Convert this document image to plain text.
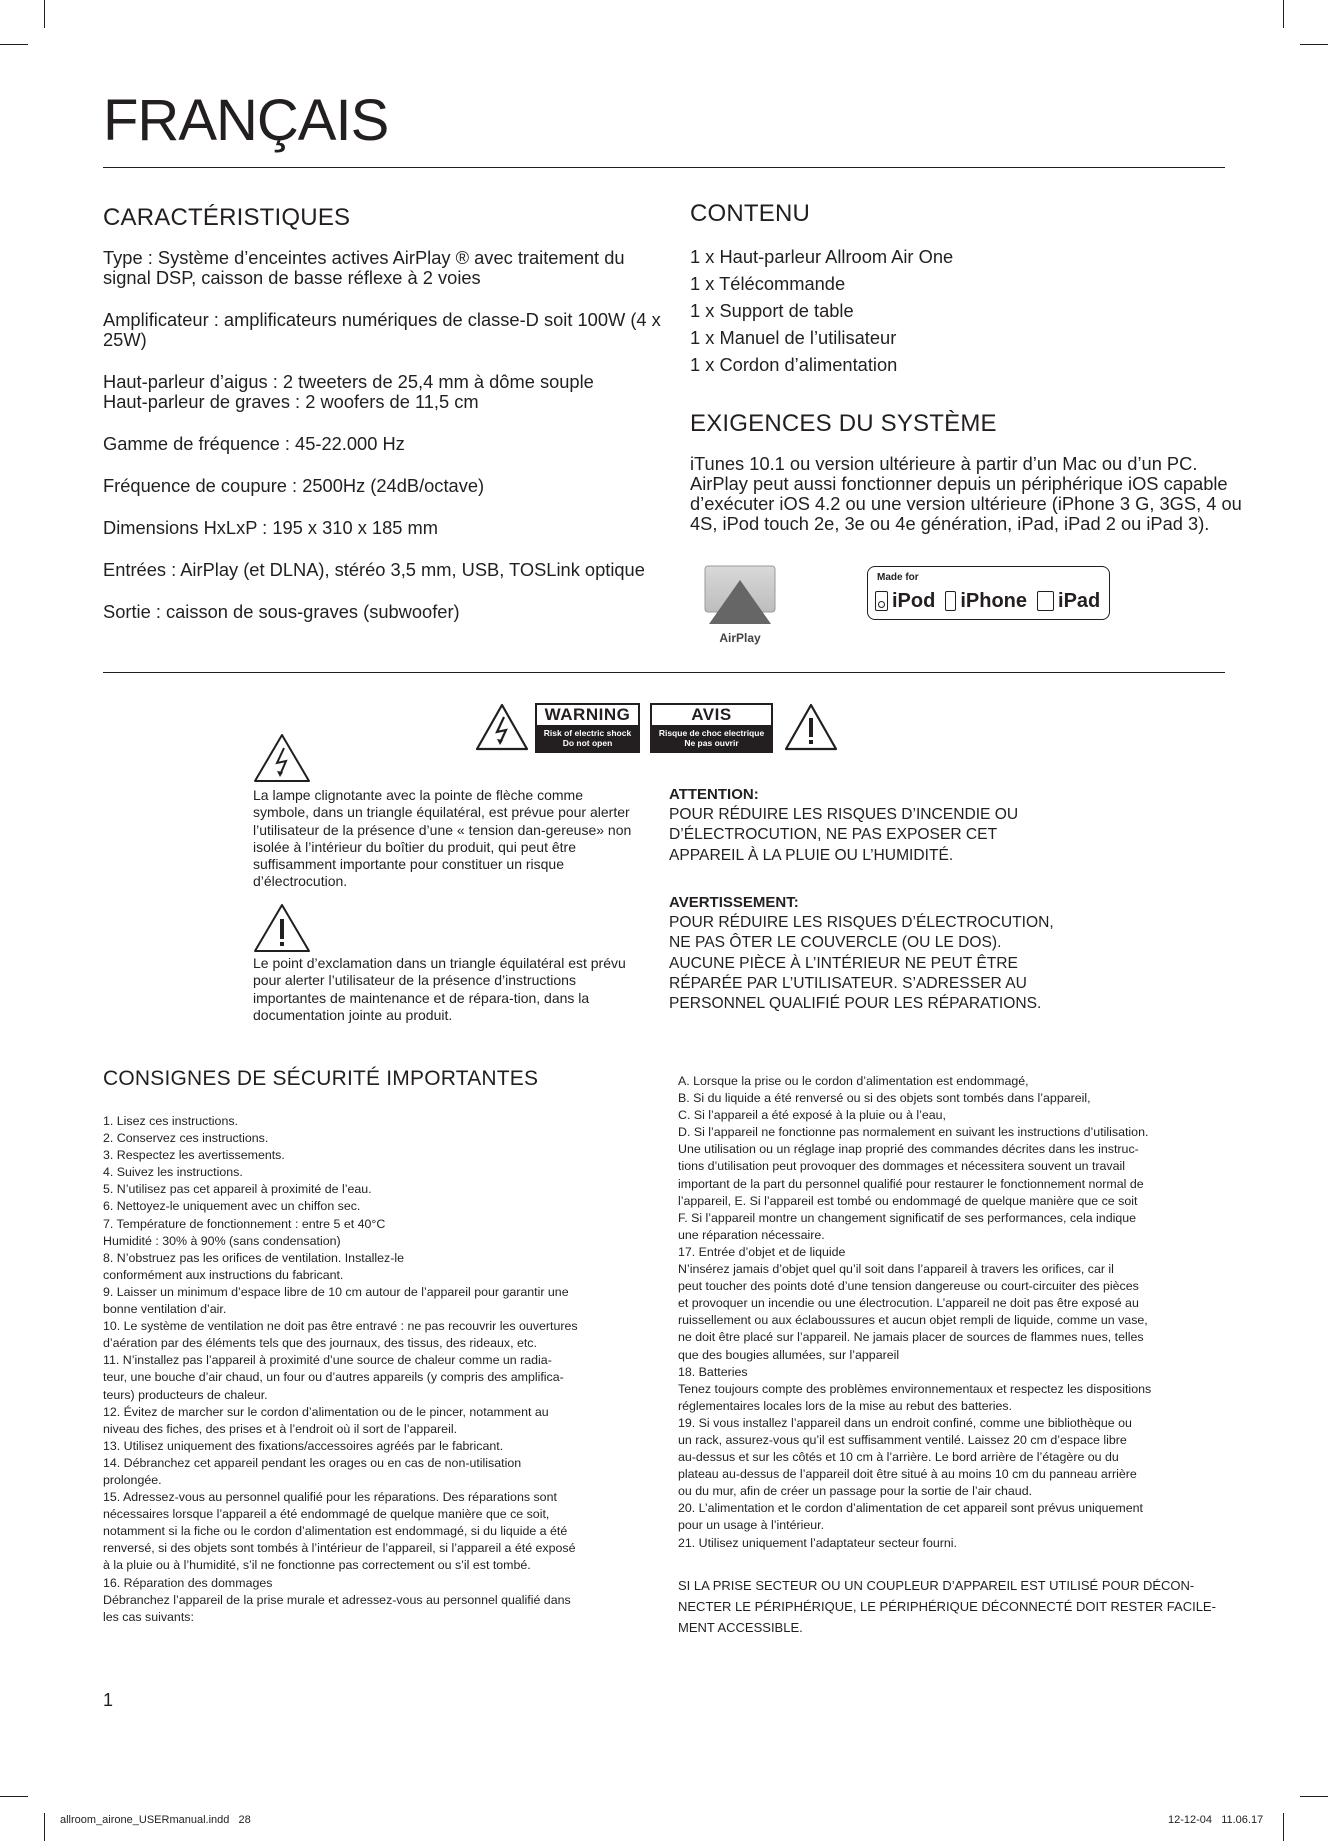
FRANÇAIS
CARACTÉRISTIQUES

Type : Système d’enceintes actives AirPlay ® avec traitement du signal DSP, caisson de basse réflexe à 2 voies

Amplificateur : amplificateurs numériques de classe-D soit 100W (4 x 25W)

Haut-parleur d’aigus : 2 tweeters de 25,4 mm à dôme souple
Haut-parleur de graves : 2 woofers de 11,5 cm

Gamme de fréquence : 45-22.000 Hz

Fréquence de coupure : 2500Hz (24dB/octave)

Dimensions HxLxP : 195 x 310 x 185 mm

Entrées : AirPlay (et DLNA), stéréo 3,5 mm, USB, TOSLink optique

Sortie : caisson de sous-graves (subwoofer)

CONTENU
1 x Haut-parleur Allroom Air One
1 x Télécommande
1 x Support de table
1 x Manuel de l’utilisateur
1 x Cordon d’alimentation
EXIGENCES DU SYSTÈME
iTunes 10.1 ou version ultérieure à partir d’un Mac ou d’un PC. AirPlay peut aussi fonctionner depuis un périphérique iOS capable d’exécuter iOS 4.2 ou une version ultérieure (iPhone 3 G, 3GS, 4 ou 4S, iPod touch 2e, 3e ou 4e génération, iPad, iPad 2 ou iPad 3).
AirPlay
Made for
iPod iPhone iPad
WARNING
Risk of electric shock
Do not open
AVIS
Risque de choc electrique
Ne pas ouvrir
La lampe clignotante avec la pointe de flèche comme symbole, dans un triangle équilatéral, est prévue pour alerter l’utilisateur de la présence d’une « tension dan-gereuse» non isolée à l’intérieur du boîtier du produit, qui peut être suffisamment importante pour constituer un risque d’électrocution.
Le point d’exclamation dans un triangle équilatéral est prévu pour alerter l’utilisateur de la présence d’instructions importantes de maintenance et de répara-tion, dans la documentation jointe au produit.
ATTENTION:
POUR RÉDUIRE LES RISQUES D’INCENDIE OU D’ÉLECTROCUTION, NE PAS EXPOSER CET APPAREIL À LA PLUIE OU L’HUMIDITÉ.
AVERTISSEMENT:
POUR RÉDUIRE LES RISQUES D’ÉLECTROCUTION, NE PAS ÔTER LE COUVERCLE (OU LE DOS). AUCUNE PIÈCE À L’INTÉRIEUR NE PEUT ÊTRE RÉPARÉE PAR L’UTILISATEUR. S’ADRESSER AU PERSONNEL QUALIFIÉ POUR LES RÉPARATIONS.
CONSIGNES DE SÉCURITÉ IMPORTANTES
1. Lisez ces instructions.
2. Conservez ces instructions.
3. Respectez les avertissements.
4. Suivez les instructions.
5. N’utilisez pas cet appareil à proximité de l’eau.
6. Nettoyez-le uniquement avec un chiffon sec.
7. Température de fonctionnement : entre 5 et 40°C
Humidité : 30% à 90% (sans condensation)
8. N’obstruez pas les orifices de ventilation. Installez-le
conformément aux instructions du fabricant.
9. Laisser un minimum d’espace libre de 10 cm autour de l’appareil pour garantir une
bonne ventilation d’air.
10. Le système de ventilation ne doit pas être entravé : ne pas recouvrir les ouvertures
d’aération par des éléments tels que des journaux, des tissus, des rideaux, etc.
11. N’installez pas l’appareil à proximité d’une source de chaleur comme un radia-
teur, une bouche d’air chaud, un four ou d’autres appareils (y compris des amplifica-
teurs) producteurs de chaleur.
12. Évitez de marcher sur le cordon d’alimentation ou de le pincer, notamment au
niveau des fiches, des prises et à l’endroit où il sort de l’appareil.
13. Utilisez uniquement des fixations/accessoires agréés par le fabricant.
14. Débranchez cet appareil pendant les orages ou en cas de non-utilisation
prolongée.
15. Adressez-vous au personnel qualifié pour les réparations. Des réparations sont
nécessaires lorsque l’appareil a été endommagé de quelque manière que ce soit,
notamment si la fiche ou le cordon d’alimentation est endommagé, si du liquide a été
renversé, si des objets sont tombés à l’intérieur de l’appareil, si l’appareil a été exposé
à la pluie ou à l’humidité, s’il ne fonctionne pas correctement ou s’il est tombé.
16. Réparation des dommages
Débranchez l’appareil de la prise murale et adressez-vous au personnel qualifié dans
les cas suivants:
A. Lorsque la prise ou le cordon d’alimentation est endommagé,
B. Si du liquide a été renversé ou si des objets sont tombés dans l’appareil,
C. Si l’appareil a été exposé à la pluie ou à l’eau,
D. Si l’appareil ne fonctionne pas normalement en suivant les instructions d’utilisation.
Une utilisation ou un réglage inap proprié des commandes décrites dans les instruc-
tions d’utilisation peut provoquer des dommages et nécessitera souvent un travail
important de la part du personnel qualifié pour restaurer le fonctionnement normal de
l’appareil, E. Si l’appareil est tombé ou endommagé de quelque manière que ce soit
F. Si l’appareil montre un changement significatif de ses performances, cela indique
une réparation nécessaire.
17. Entrée d’objet et de liquide
N’insérez jamais d’objet quel qu’il soit dans l’appareil à travers les orifices, car il
peut toucher des points doté d’une tension dangereuse ou court-circuiter des pièces
et provoquer un incendie ou une électrocution. L’appareil ne doit pas être exposé au
ruissellement ou aux éclaboussures et aucun objet rempli de liquide, comme un vase,
ne doit être placé sur l’appareil. Ne jamais placer de sources de flammes nues, telles
que des bougies allumées, sur l’appareil
18. Batteries
Tenez toujours compte des problèmes environnementaux et respectez les dispositions
réglementaires locales lors de la mise au rebut des batteries.
19. Si vous installez l’appareil dans un endroit confiné, comme une bibliothèque ou
un rack, assurez-vous qu’il est suffisamment ventilé. Laissez 20 cm d’espace libre
au-dessus et sur les côtés et 10 cm à l’arrière. Le bord arrière de l’étagère ou du
plateau au-dessus de l’appareil doit être situé à au moins 10 cm du panneau arrière
ou du mur, afin de créer un passage pour la sortie de l’air chaud.
20. L’alimentation et le cordon d’alimentation de cet appareil sont prévus uniquement
pour un usage à l’intérieur.
21. Utilisez uniquement l’adaptateur secteur fourni.
SI LA PRISE SECTEUR OU UN COUPLEUR D’APPAREIL EST UTILISÉ POUR DÉCON-
NECTER LE PÉRIPHÉRIQUE, LE PÉRIPHÉRIQUE DÉCONNECTÉ DOIT RESTER FACILE-
MENT ACCESSIBLE.
1
allroom_airone_USERmanual.indd   28	12-12-04   11.06.17
